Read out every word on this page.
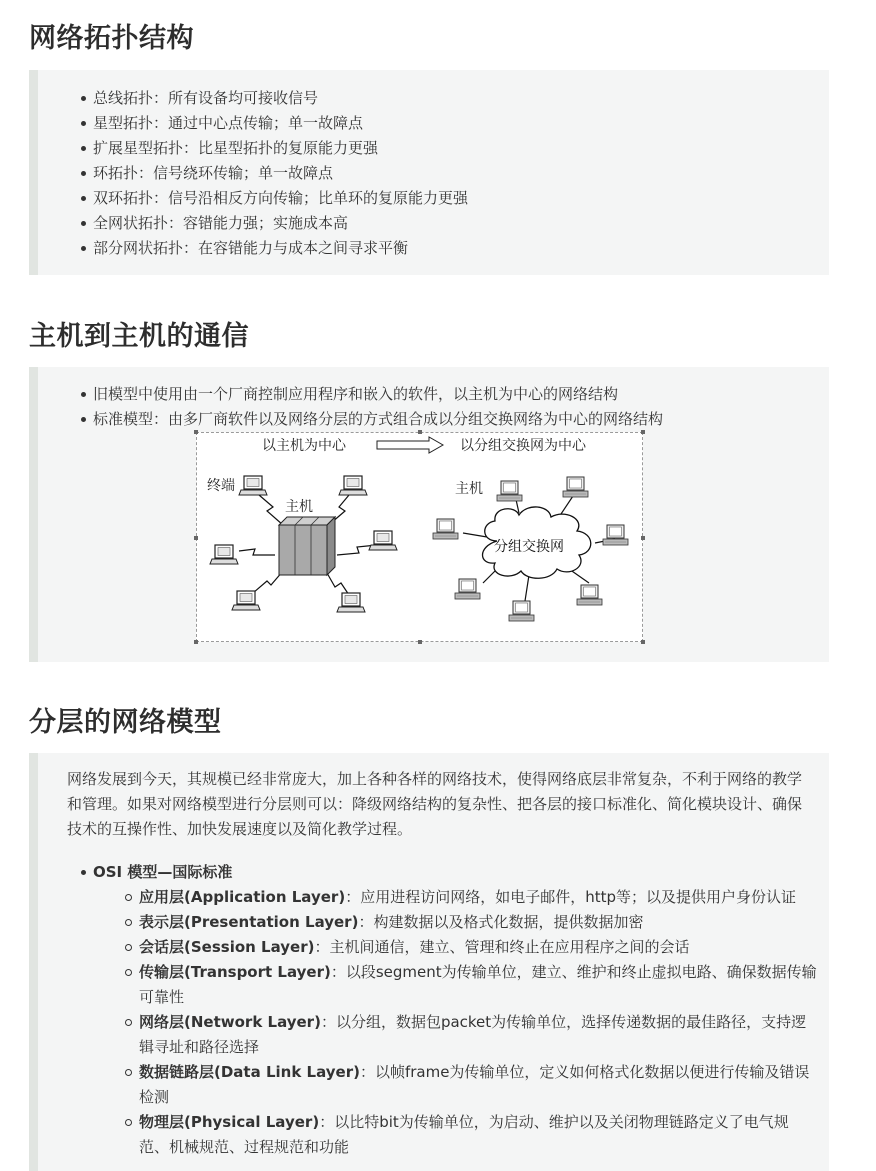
网络拓扑结构
总线拓扑：所有设备均可接收信号
星型拓扑：通过中心点传输；单一故障点
扩展星型拓扑：比星型拓扑的复原能力更强
环拓扑：信号绕环传输；单一故障点
双环拓扑：信号沿相反方向传输；比单环的复原能力更强
全网状拓扑：容错能力强；实施成本高
部分网状拓扑：在容错能力与成本之间寻求平衡
主机到主机的通信
旧模型中使用由一个厂商控制应用程序和嵌入的软件，以主机为中心的网络结构
标准模型：由多厂商软件以及网络分层的方式组合成以分组交换网络为中心的网络结构
以主机为中心	以分组交换网为中心
终端
主机
分组交换网
主机
分层的网络模型
网络发展到今天，其规模已经非常庞大，加上各种各样的网络技术，使得网络底层非常复杂，不利于网络的教学和管理。如果对网络模型进行分层则可以：降级网络结构的复杂性、把各层的接口标准化、简化模块设计、确保技术的互操作性、加快发展速度以及简化教学过程。
OSI 模型—国际标准
应用层(Application Layer)：应用进程访问网络，如电子邮件，http等；以及提供用户身份认证
表示层(Presentation Layer)：构建数据以及格式化数据，提供数据加密
会话层(Session Layer)：主机间通信，建立、管理和终止在应用程序之间的会话
传输层(Transport Layer)：以段segment为传输单位，建立、维护和终止虚拟电路、确保数据传输可靠性
网络层(Network Layer)：以分组，数据包packet为传输单位，选择传递数据的最佳路径，支持逻辑寻址和路径选择
数据链路层(Data Link Layer)：以帧frame为传输单位，定义如何格式化数据以便进行传输及错误检测
物理层(Physical Layer)：以比特bit为传输单位，为启动、维护以及关闭物理链路定义了电气规范、机械规范、过程规范和功能
